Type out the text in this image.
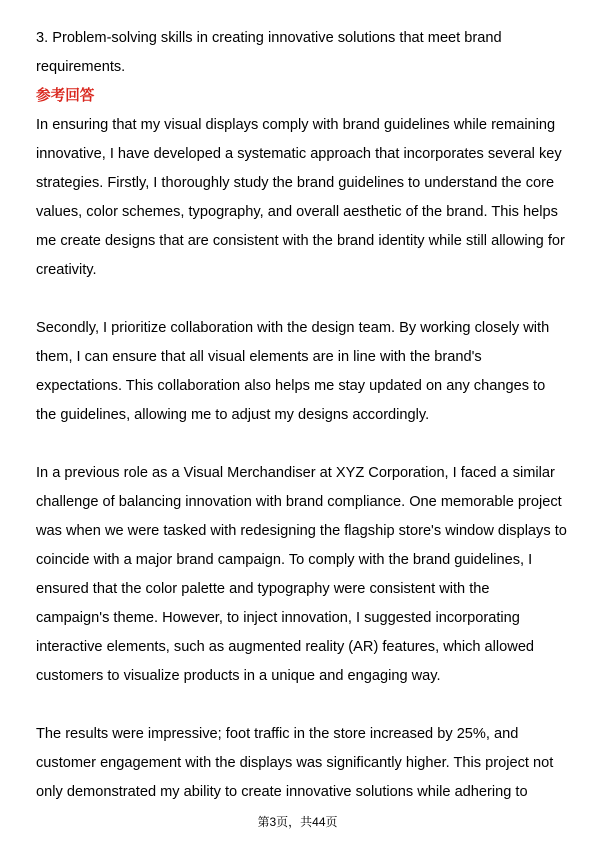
3. Problem-solving skills in creating innovative solutions that meet brand

requirements.

参考回答

In ensuring that my visual displays comply with brand guidelines while remaining

innovative, I have developed a systematic approach that incorporates several key

strategies. Firstly, I thoroughly study the brand guidelines to understand the core

values, color schemes, typography, and overall aesthetic of the brand. This helps

me create designs that are consistent with the brand identity while still allowing for

creativity.

Secondly, I prioritize collaboration with the design team. By working closely with

them, I can ensure that all visual elements are in line with the brand's

expectations. This collaboration also helps me stay updated on any changes to

the guidelines, allowing me to adjust my designs accordingly.

In a previous role as a Visual Merchandiser at XYZ Corporation, I faced a similar

challenge of balancing innovation with brand compliance. One memorable project

was when we were tasked with redesigning the flagship store's window displays to

coincide with a major brand campaign. To comply with the brand guidelines, I

ensured that the color palette and typography were consistent with the

campaign's theme. However, to inject innovation, I suggested incorporating

interactive elements, such as augmented reality (AR) features, which allowed

customers to visualize products in a unique and engaging way.

The results were impressive; foot traffic in the store increased by 25%, and

customer engagement with the displays was significantly higher. This project not

only demonstrated my ability to create innovative solutions while adhering to

第3页，共44页
